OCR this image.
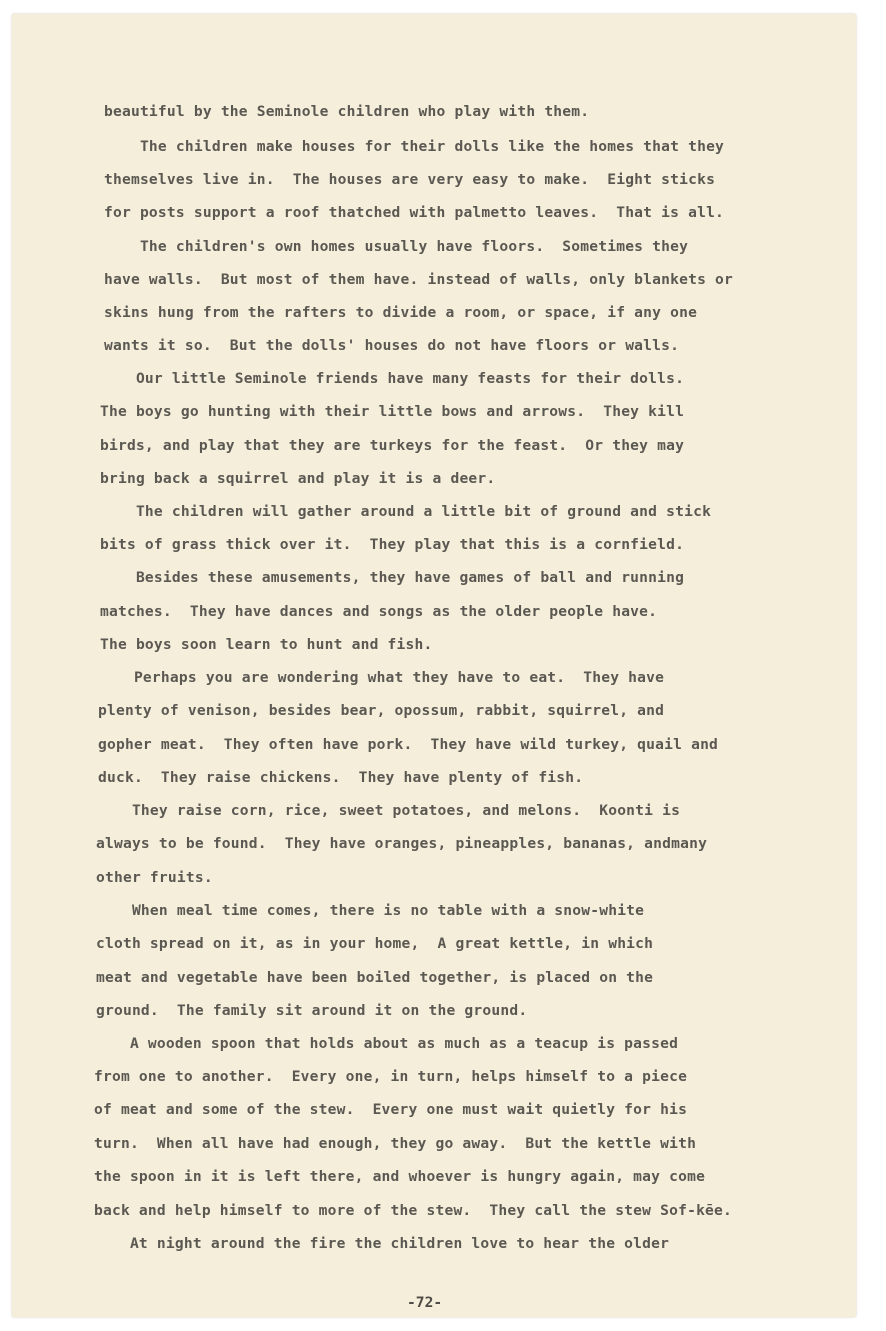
beautiful by the Seminole children who play with them.
The children make houses for their dolls like the homes that they
themselves live in.  The houses are very easy to make.  Eight sticks
for posts support a roof thatched with palmetto leaves.  That is all.
The children's own homes usually have floors.  Sometimes they
have walls.  But most of them have. instead of walls, only blankets or
skins hung from the rafters to divide a room, or space, if any one
wants it so.  But the dolls' houses do not have floors or walls.
Our little Seminole friends have many feasts for their dolls.
The boys go hunting with their little bows and arrows.  They kill
birds, and play that they are turkeys for the feast.  Or they may
bring back a squirrel and play it is a deer.
The children will gather around a little bit of ground and stick
bits of grass thick over it.  They play that this is a cornfield.
Besides these amusements, they have games of ball and running
matches.  They have dances and songs as the older people have.
The boys soon learn to hunt and fish.
Perhaps you are wondering what they have to eat.  They have
plenty of venison, besides bear, opossum, rabbit, squirrel, and
gopher meat.  They often have pork.  They have wild turkey, quail and
duck.  They raise chickens.  They have plenty of fish.
They raise corn, rice, sweet potatoes, and melons.  Koonti is
always to be found.  They have oranges, pineapples, bananas, andmany
other fruits.
When meal time comes, there is no table with a snow-white
cloth spread on it, as in your home,  A great kettle, in which
meat and vegetable have been boiled together, is placed on the
ground.  The family sit around it on the ground.
A wooden spoon that holds about as much as a teacup is passed
from one to another.  Every one, in turn, helps himself to a piece
of meat and some of the stew.  Every one must wait quietly for his
turn.  When all have had enough, they go away.  But the kettle with
the spoon in it is left there, and whoever is hungry again, may come
back and help himself to more of the stew.  They call the stew Sof-kēe.
At night around the fire the children love to hear the older
-72-
